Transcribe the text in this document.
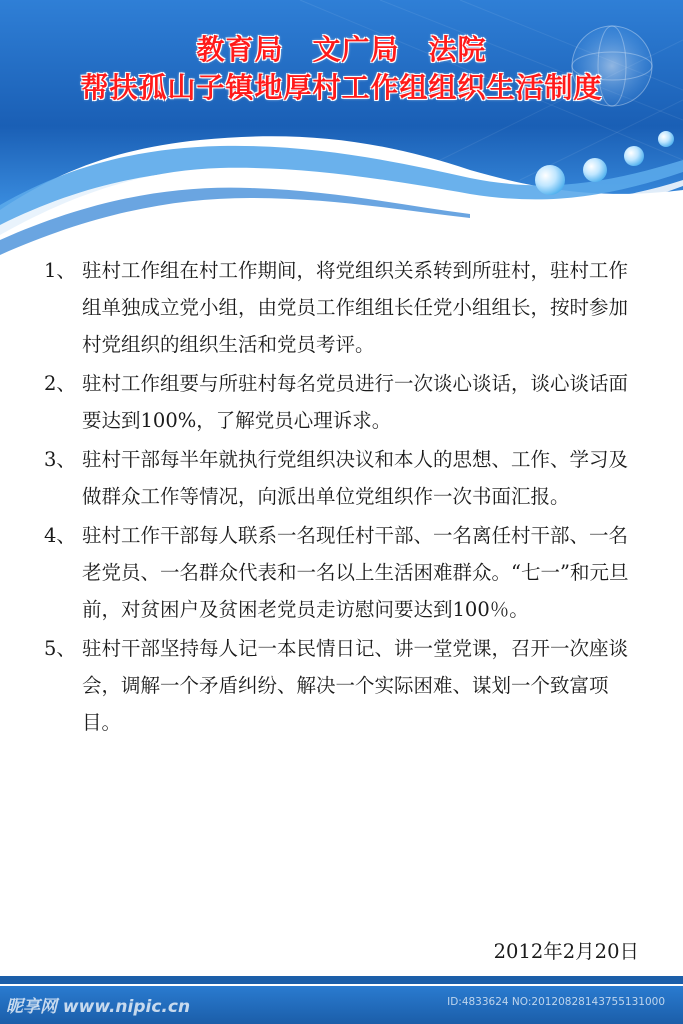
教育局　文广局　法院
帮扶孤山子镇地厚村工作组组织生活制度
1、 驻村工作组在村工作期间，将党组织关系转到所驻村，驻村工作组单独成立党小组，由党员工作组组长任党小组组长，按时参加村党组织的组织生活和党员考评。
2、 驻村工作组要与所驻村每名党员进行一次谈心谈话，谈心谈话面要达到100%，了解党员心理诉求。
3、 驻村干部每半年就执行党组织决议和本人的思想、工作、学习及做群众工作等情况，向派出单位党组织作一次书面汇报。
4、 驻村工作干部每人联系一名现任村干部、一名离任村干部、一名老党员、一名群众代表和一名以上生活困难群众。“七一”和元旦前，对贫困户及贫困老党员走访慰问要达到100％。
5、 驻村干部坚持每人记一本民情日记、讲一堂党课，召开一次座谈会，调解一个矛盾纠纷、解决一个实际困难、谋划一个致富项目。
2012年2月20日
昵享网 www.nipic.cn	ID:4833624 NO:20120828143755131000
